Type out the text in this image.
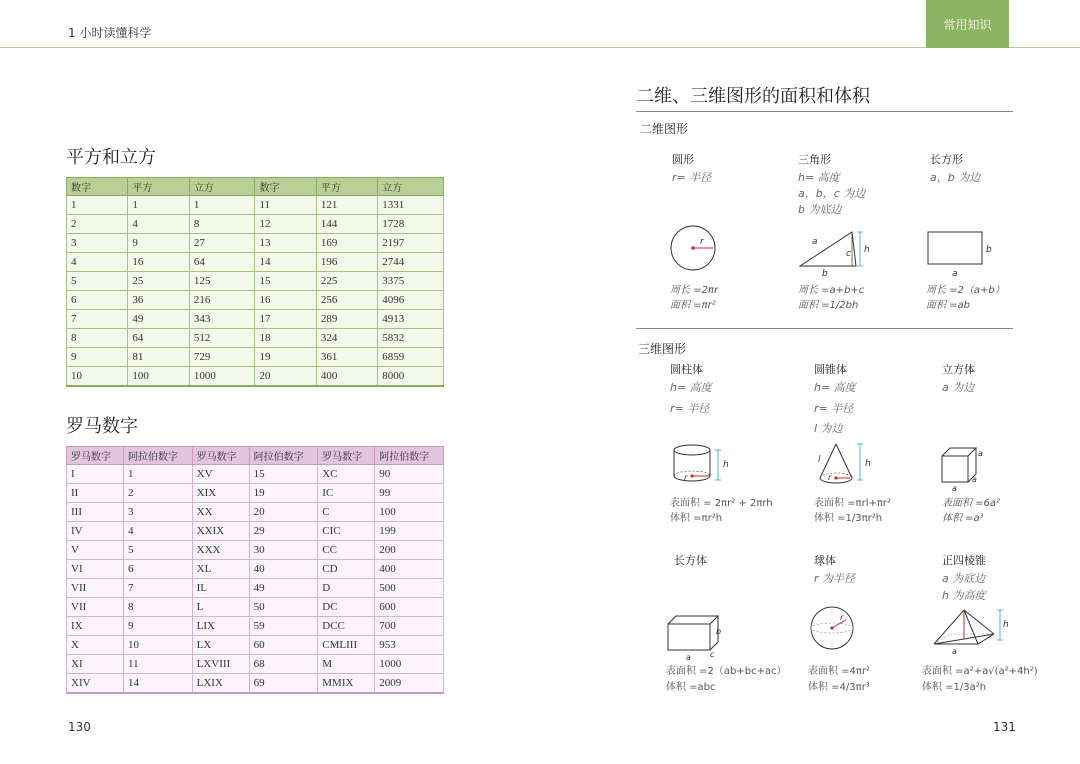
1 小时读懂科学
常用知识
平方和立方
数字	平方	立方	数字	平方	立方
1	1	1	11	121	1331
2	4	8	12	144	1728
3	9	27	13	169	2197
4	16	64	14	196	2744
5	25	125	15	225	3375
6	36	216	16	256	4096
7	49	343	17	289	4913
8	64	512	18	324	5832
9	81	729	19	361	6859
10	100	1000	20	400	8000
罗马数字
罗马数字	阿拉伯数字	罗马数字	阿拉伯数字	罗马数字	阿拉伯数字
I	1	XV	15	XC	90
II	2	XIX	19	IC	99
III	3	XX	20	C	100
IV	4	XXIX	29	CIC	199
V	5	XXX	30	CC	200
VI	6	XL	40	CD	400
VII	7	IL	49	D	500
VII	8	L	50	DC	600
IX	9	LIX	59	DCC	700
X	10	LX	60	CMLIII	953
XI	11	LXVIII	68	M	1000
XIV	14	LXIX	69	MMIX	2009
130
二维、三维图形的面积和体积
二维图形
圆形
r= 半径
r
周长 =2πr
面积 =πr²
三角形
h= 高度
a，b，c 为边
b 为底边
a
c h
b
周长 =a+b+c
面积 =1/2bh
长方形
a，b 为边
b
a
周长 =2（a+b）
面积 =ab
三维图形
圆柱体
h= 高度
r= 半径
r
h
表面积 = 2πr² + 2πrh
体积 =πr²h
圆锥体
h= 高度
r= 半径
l 为边
r
l	h
表面积 =πrl+πr²
体积 =1/3πr²h
立方体
a 为边
a
a
a
表面积 =6a²
体积 =a³
长方体
b
c
a
表面积 =2（ab+bc+ac）
体积 =abc
球体
r 为半径
r
表面积 =4πr²
体积 =4/3πr³
正四棱锥
a 为底边
h 为高度
h
a
表面积 =a²+a√(a²+4h²)
体积 =1/3a²h
131
